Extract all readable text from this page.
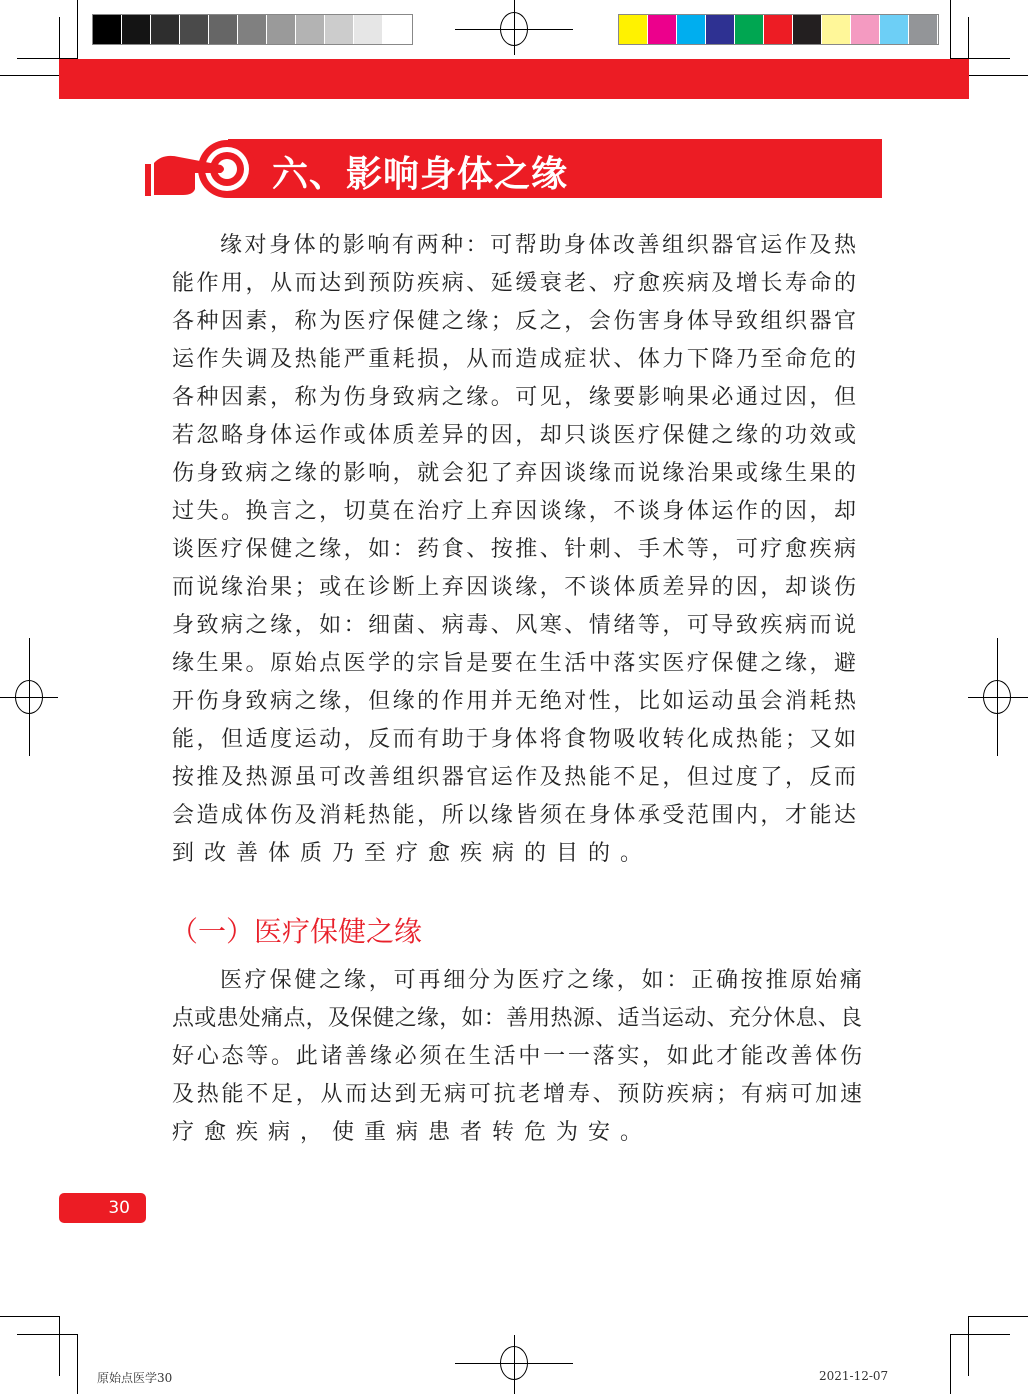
六、影响身体之缘
缘对身体的影响有两种：可帮助身体改善组织器官运作及热
能作用，从而达到预防疾病、延缓衰老、疗愈疾病及增长寿命的
各种因素，称为医疗保健之缘；反之，会伤害身体导致组织器官
运作失调及热能严重耗损，从而造成症状、体力下降乃至命危的
各种因素，称为伤身致病之缘。可见，缘要影响果必通过因，但
若忽略身体运作或体质差异的因，却只谈医疗保健之缘的功效或
伤身致病之缘的影响，就会犯了弃因谈缘而说缘治果或缘生果的
过失。换言之，切莫在治疗上弃因谈缘，不谈身体运作的因，却
谈医疗保健之缘，如：药食、按推、针刺、手术等，可疗愈疾病
而说缘治果；或在诊断上弃因谈缘，不谈体质差异的因，却谈伤
身致病之缘，如：细菌、病毒、风寒、情绪等，可导致疾病而说
缘生果。原始点医学的宗旨是要在生活中落实医疗保健之缘，避
开伤身致病之缘，但缘的作用并无绝对性，比如运动虽会消耗热
能，但适度运动，反而有助于身体将食物吸收转化成热能；又如
按推及热源虽可改善组织器官运作及热能不足，但过度了，反而
会造成体伤及消耗热能，所以缘皆须在身体承受范围内，才能达
到改善体质乃至疗愈疾病的目的。
（一）医疗保健之缘
医疗保健之缘，可再细分为医疗之缘，如：正确按推原始痛
点或患处痛点，及保健之缘，如：善用热源、适当运动、充分休息、良
好心态等。此诸善缘必须在生活中一一落实，如此才能改善体伤
及热能不足，从而达到无病可抗老增寿、预防疾病；有病可加速
疗愈疾病，使重病患者转危为安。
30
原始点医学30	2021-12-07
